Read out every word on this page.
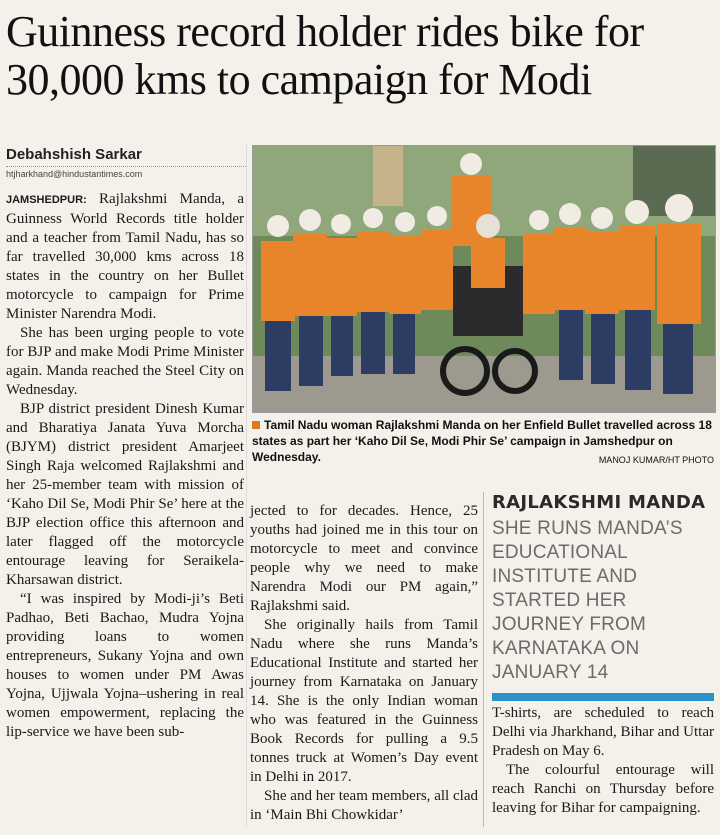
Guinness record holder rides bike for 30,000 kms to campaign for Modi
Debahshish Sarkar
htjharkhand@hindustantimes.com

JAMSHEDPUR: Rajlakshmi Manda, a Guinness World Records title holder and a teacher from Tamil Nadu, has so far travelled 30,000 kms across 18 states in the country on her Bullet motorcycle to campaign for Prime Minister Narendra Modi.

She has been urging people to vote for BJP and make Modi Prime Minister again. Manda reached the Steel City on Wednesday.

BJP district president Dinesh Kumar and Bharatiya Janata Yuva Morcha (BJYM) district president Amarjeet Singh Raja welcomed Rajlakshmi and her 25-member team with mission of ‘Kaho Dil Se, Modi Phir Se’ here at the BJP election office this afternoon and later flagged off the motorcycle entourage leaving for Seraikela-Kharsawan district.

“I was inspired by Modi-ji’s Beti Padhao, Beti Bachao, Mudra Yojna providing loans to women entrepreneurs, Sukany Yojna and own houses to women under PM Awas Yojna, Ujjwala Yojna–ushering in real women empowerment, replacing the lip-service we have been sub-

Tamil Nadu woman Rajlakshmi Manda on her Enfield Bullet travelled across 18 states as part her ‘Kaho Dil Se, Modi Phir Se’ campaign in Jamshedpur on Wednesday.	MANOJ KUMAR/HT PHOTO

jected to for decades. Hence, 25 youths had joined me in this tour on motorcycle to meet and convince people why we need to make Narendra Modi our PM again,” Rajlakshmi said.

She originally hails from Tamil Nadu where she runs Manda’s Educational Institute and started her journey from Karnataka on January 14. She is the only Indian woman who was featured in the Guinness Book Records for pulling a 9.5 tonnes truck at Women’s Day event in Delhi in 2017.

She and her team members, all clad in ‘Main Bhi Chowkidar’

RAJLAKSHMI MANDA
SHE RUNS MANDA’S EDUCATIONAL INSTITUTE AND STARTED HER JOURNEY FROM KARNATAKA ON JANUARY 14

T-shirts, are scheduled to reach Delhi via Jharkhand, Bihar and Uttar Pradesh on May 6.

The colourful entourage will reach Ranchi on Thursday before leaving for Bihar for campaigning.
